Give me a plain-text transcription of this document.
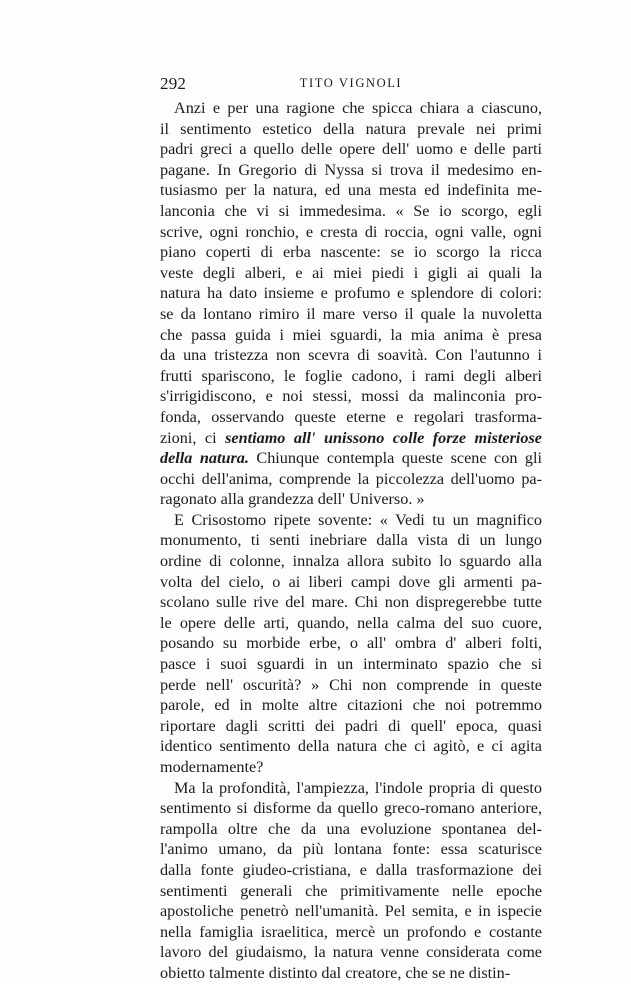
292	TITO VIGNOLI
Anzi e per una ragione che spicca chiara a ciascuno,
il sentimento estetico della natura prevale nei primi
padri greci a quello delle opere dell' uomo e delle parti
pagane. In Gregorio di Nyssa si trova il medesimo en-
tusiasmo per la natura, ed una mesta ed indefinita me-
lanconia che vi si immedesima. « Se io scorgo, egli
scrive, ogni ronchio, e cresta di roccia, ogni valle, ogni
piano coperti di erba nascente: se io scorgo la ricca
veste degli alberi, e ai miei piedi i gigli ai quali la
natura ha dato insieme e profumo e splendore di colori:
se da lontano rimiro il mare verso il quale la nuvoletta
che passa guida i miei sguardi, la mia anima è presa
da una tristezza non scevra di soavità. Con l'autunno i
frutti spariscono, le foglie cadono, i rami degli alberi
s'irrigidiscono, e noi stessi, mossi da malinconia pro-
fonda, osservando queste eterne e regolari trasforma-
zioni, ci sentiamo all' unissono colle forze misteriose
della natura. Chiunque contempla queste scene con gli
occhi dell'anima, comprende la piccolezza dell'uomo pa-
ragonato alla grandezza dell' Universo. »
E Crisostomo ripete sovente: « Vedi tu un magnifico
monumento, ti senti inebriare dalla vista di un lungo
ordine di colonne, innalza allora subito lo sguardo alla
volta del cielo, o ai liberi campi dove gli armenti pa-
scolano sulle rive del mare. Chi non dispregerebbe tutte
le opere delle arti, quando, nella calma del suo cuore,
posando su morbide erbe, o all' ombra d' alberi folti,
pasce i suoi sguardi in un interminato spazio che si
perde nell' oscurità? » Chi non comprende in queste
parole, ed in molte altre citazioni che noi potremmo
riportare dagli scritti dei padri di quell' epoca, quasi
identico sentimento della natura che ci agitò, e ci agita
modernamente?
Ma la profondità, l'ampiezza, l'indole propria di questo
sentimento si disforme da quello greco-romano anteriore,
rampolla oltre che da una evoluzione spontanea del-
l'animo umano, da più lontana fonte: essa scaturisce
dalla fonte giudeo-cristiana, e dalla trasformazione dei
sentimenti generali che primitivamente nelle epoche
apostoliche penetrò nell'umanità. Pel semita, e in ispecie
nella famiglia israelitica, mercè un profondo e costante
lavoro del giudaismo, la natura venne considerata come
obietto talmente distinto dal creatore, che se ne distin-
